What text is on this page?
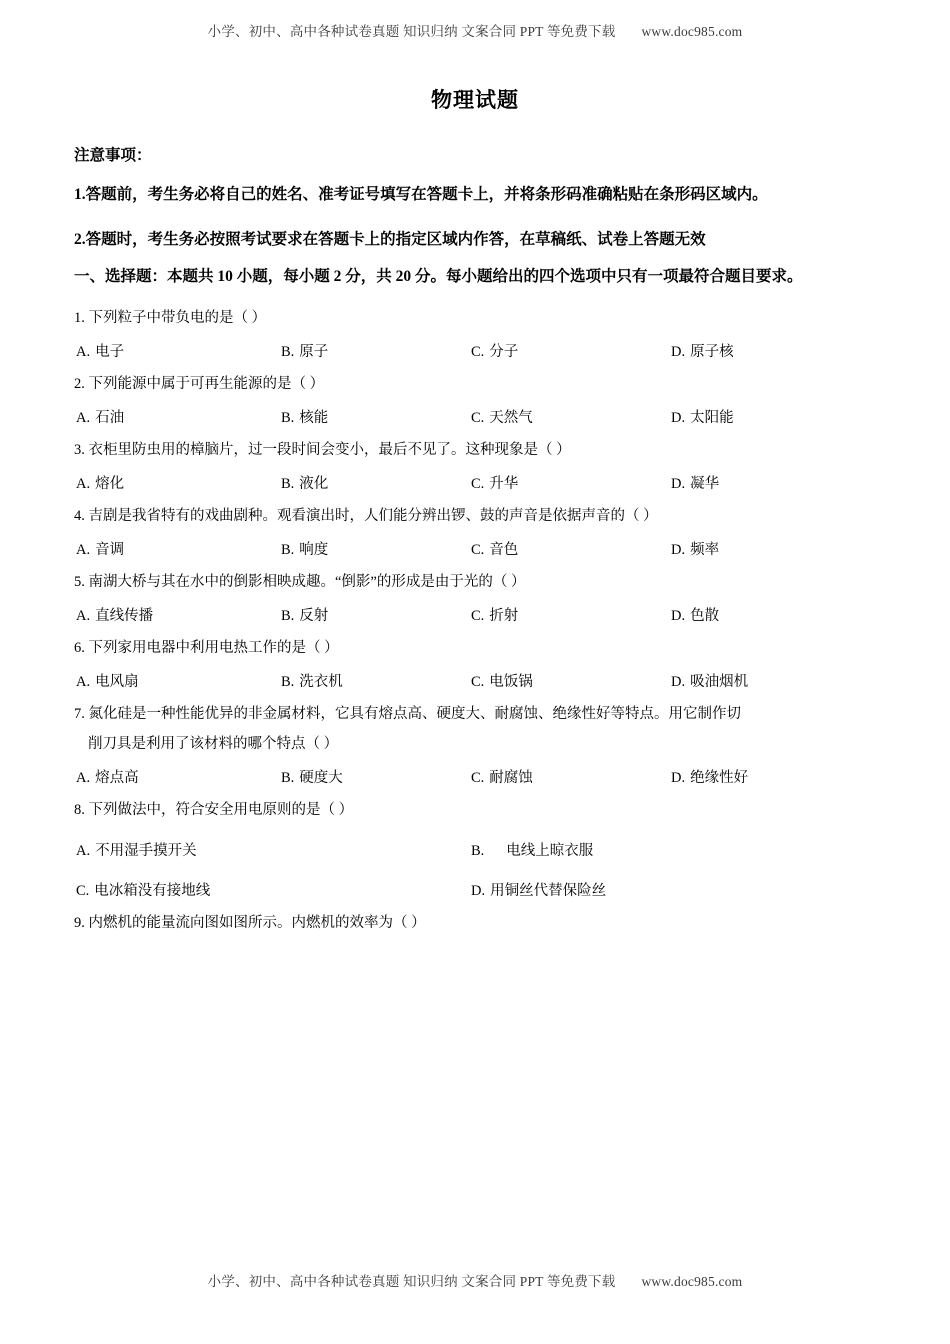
小学、初中、高中各种试卷真题 知识归纳 文案合同 PPT 等免费下载 www.doc985.com
物理试题
注意事项：

1.答题前，考生务必将自己的姓名、准考证号填写在答题卡上，并将条形码准确粘贴在条形码区域内。

2.答题时，考生务必按照考试要求在答题卡上的指定区域内作答，在草稿纸、试卷上答题无效

一、选择题：本题共 10 小题，每小题 2 分，共 20 分。每小题给出的四个选项中只有一项最符合题目要求。

1. 下列粒子中带负电的是（ ）

A. 电子	B. 原子	C. 分子	D. 原子核

2. 下列能源中属于可再生能源的是（ ）

A. 石油	B. 核能	C. 天然气	D. 太阳能

3. 衣柜里防虫用的樟脑片，过一段时间会变小，最后不见了。这种现象是（ ）

A. 熔化	B. 液化	C. 升华	D. 凝华

4. 吉剧是我省特有的戏曲剧种。观看演出时，人们能分辨出锣、鼓的声音是依据声音的（ ）

A. 音调	B. 响度	C. 音色	D. 频率

5. 南湖大桥与其在水中的倒影相映成趣。“倒影”的形成是由于光的（ ）

A. 直线传播	B. 反射	C. 折射	D. 色散

6. 下列家用电器中利用电热工作的是（ ）

A. 电风扇	B. 洗衣机	C. 电饭锅	D. 吸油烟机

7. 氮化硅是一种性能优异的非金属材料，它具有熔点高、硬度大、耐腐蚀、绝缘性好等特点。用它制作切

削刀具是利用了该材料的哪个特点（ ）

A. 熔点高	B. 硬度大	C. 耐腐蚀	D. 绝缘性好

8. 下列做法中，符合安全用电原则的是（ ）

A. 不用湿手摸开关	B. 电线上晾衣服
C. 电冰箱没有接地线	D. 用铜丝代替保险丝

9. 内燃机的能量流向图如图所示。内燃机的效率为（ ）

小学、初中、高中各种试卷真题 知识归纳 文案合同 PPT 等免费下载 www.doc985.com
